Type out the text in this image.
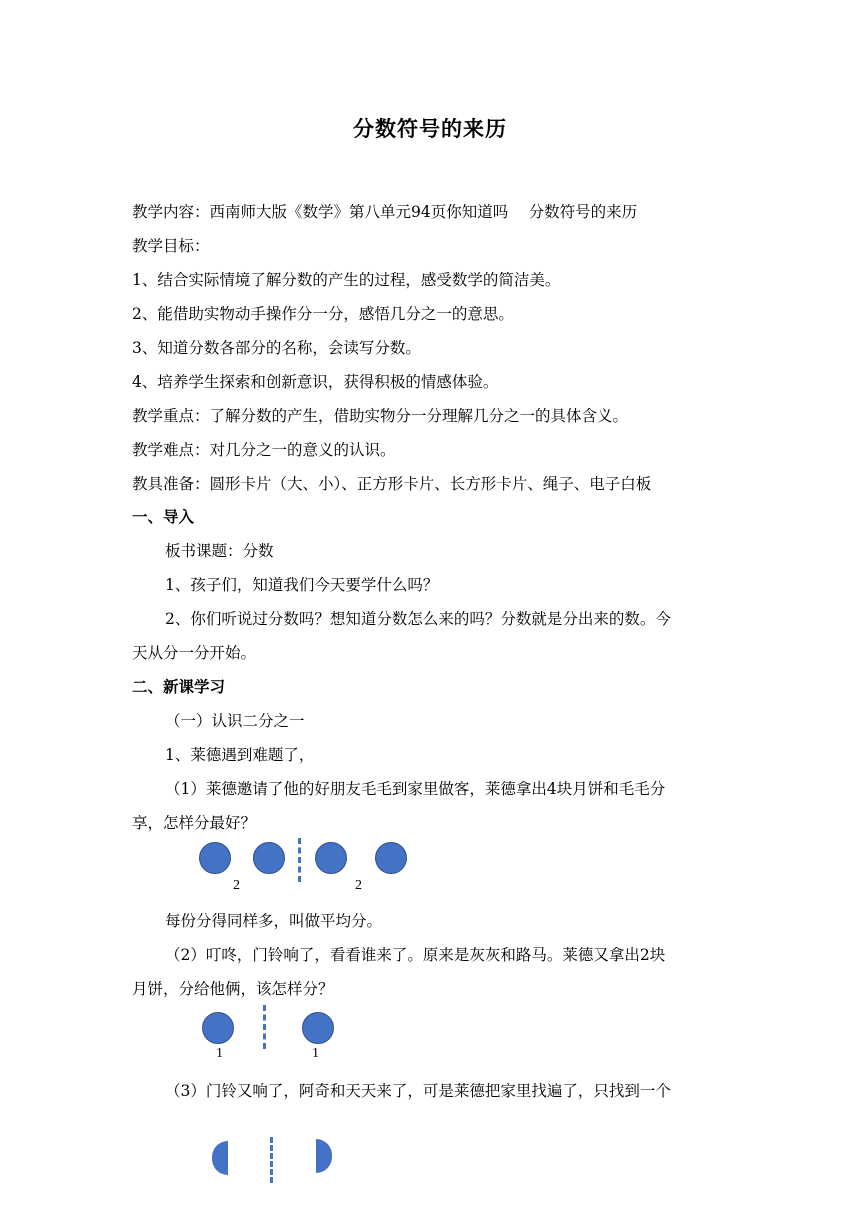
分数符号的来历
教学内容：西南师大版《数学》第八单元94页你知道吗　 分数符号的来历
教学目标：
1、结合实际情境了解分数的产生的过程，感受数学的简洁美。
2、能借助实物动手操作分一分，感悟几分之一的意思。
3、知道分数各部分的名称，会读写分数。
4、培养学生探索和创新意识，获得积极的情感体验。
教学重点：了解分数的产生，借助实物分一分理解几分之一的具体含义。
教学难点：对几分之一的意义的认识。
教具准备：圆形卡片（大、小）、正方形卡片、长方形卡片、绳子、电子白板
一、导入
板书课题：分数
1、孩子们，知道我们今天要学什么吗？
2、你们听说过分数吗？想知道分数怎么来的吗？分数就是分出来的数。今
天从分一分开始。
二、新课学习
（一）认识二分之一
1、莱德遇到难题了，
（1）莱德邀请了他的好朋友毛毛到家里做客，莱德拿出4块月饼和毛毛分
享，怎样分最好？
2	2
每份分得同样多，叫做平均分。
（2）叮咚，门铃响了，看看谁来了。原来是灰灰和路马。莱德又拿出2块
月饼，分给他俩，该怎样分？
1	1
（3）门铃又响了，阿奇和天天来了，可是莱德把家里找遍了，只找到一个
